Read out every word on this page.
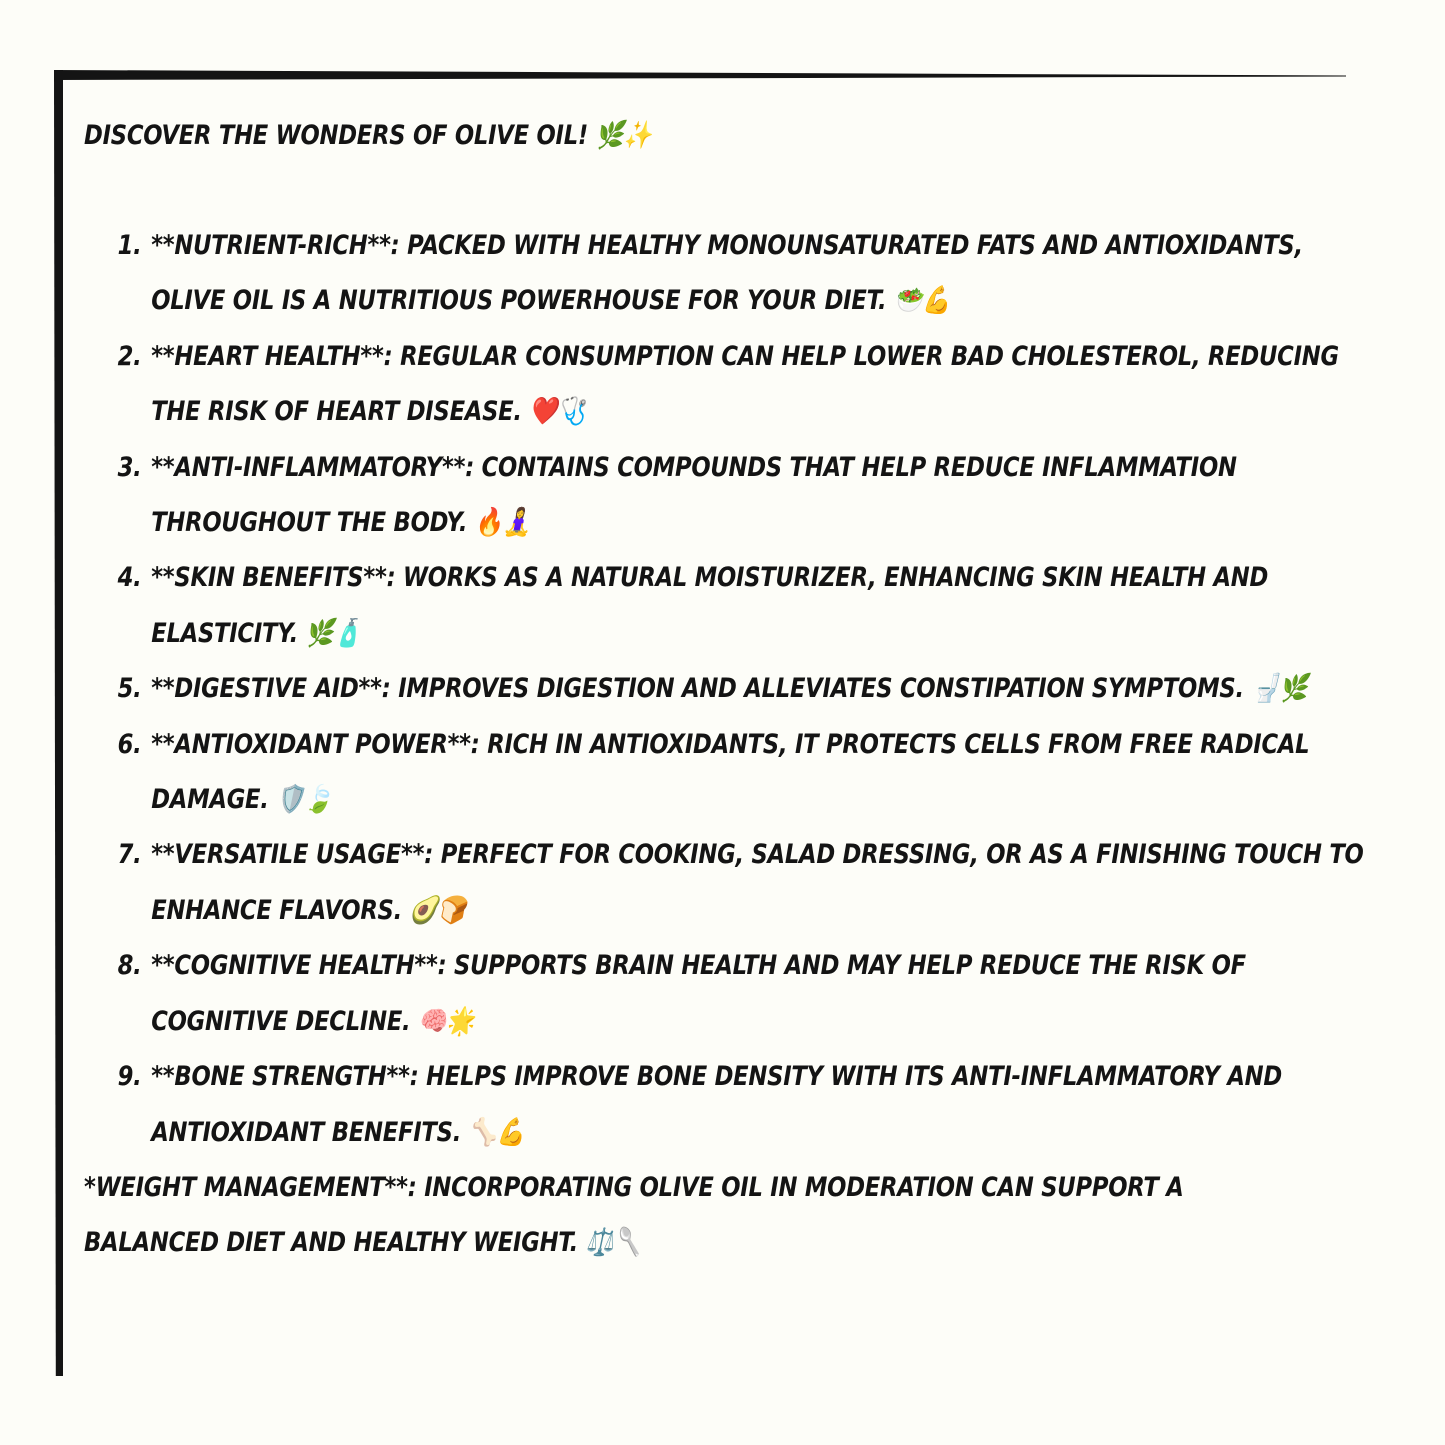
DISCOVER THE WONDERS OF OLIVE OIL! 🌿✨
1. **NUTRIENT-RICH**: PACKED WITH HEALTHY MONOUNSATURATED FATS AND ANTIOXIDANTS, OLIVE OIL IS A NUTRITIOUS POWERHOUSE FOR YOUR DIET. 🥗💪
2. **HEART HEALTH**: REGULAR CONSUMPTION CAN HELP LOWER BAD CHOLESTEROL, REDUCING THE RISK OF HEART DISEASE. ❤️🩺
3. **ANTI-INFLAMMATORY**: CONTAINS COMPOUNDS THAT HELP REDUCE INFLAMMATION THROUGHOUT THE BODY. 🔥🧘‍♀️
4. **SKIN BENEFITS**: WORKS AS A NATURAL MOISTURIZER, ENHANCING SKIN HEALTH AND ELASTICITY. 🌿🧴
5. **DIGESTIVE AID**: IMPROVES DIGESTION AND ALLEVIATES CONSTIPATION SYMPTOMS. 🚽🌿
6. **ANTIOXIDANT POWER**: RICH IN ANTIOXIDANTS, IT PROTECTS CELLS FROM FREE RADICAL DAMAGE. 🛡️🍃
7. **VERSATILE USAGE**: PERFECT FOR COOKING, SALAD DRESSING, OR AS A FINISHING TOUCH TO ENHANCE FLAVORS. 🥑🍞
8. **COGNITIVE HEALTH**: SUPPORTS BRAIN HEALTH AND MAY HELP REDUCE THE RISK OF COGNITIVE DECLINE. 🧠🌟
9. **BONE STRENGTH**: HELPS IMPROVE BONE DENSITY WITH ITS ANTI-INFLAMMATORY AND ANTIOXIDANT BENEFITS. 🦴💪

*WEIGHT MANAGEMENT**: INCORPORATING OLIVE OIL IN MODERATION CAN SUPPORT A BALANCED DIET AND HEALTHY WEIGHT. ⚖️🥄
